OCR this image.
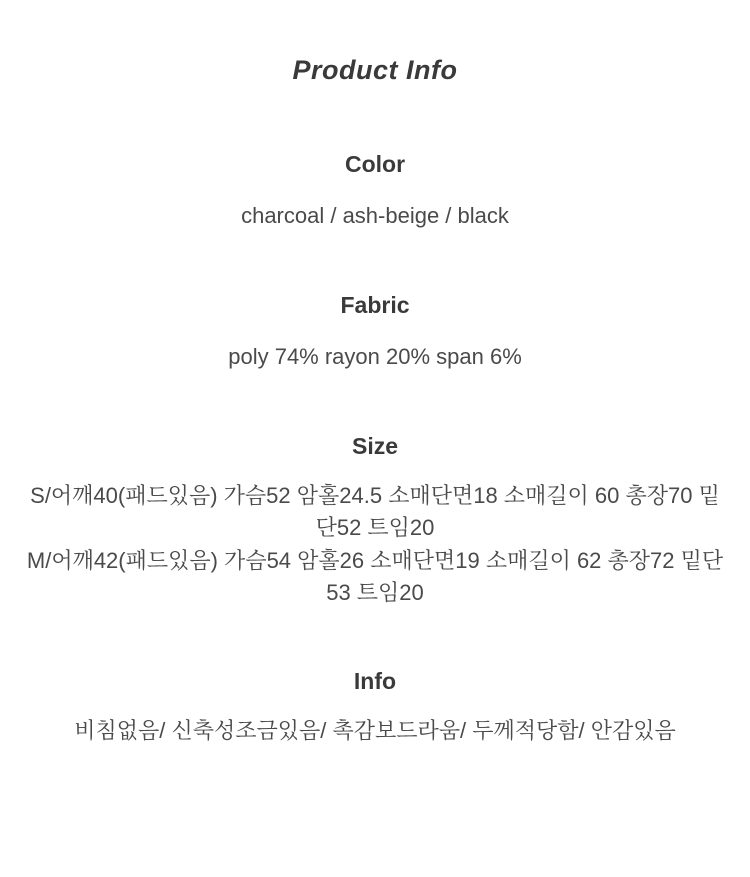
Product Info
Color
charcoal / ash-beige / black
Fabric
poly 74% rayon 20% span 6%
Size
S/어깨40(패드있음) 가슴52 암홀24.5 소매단면18 소매길이 60 총장70 밑단52 트임20
M/어깨42(패드있음) 가슴54 암홀26 소매단면19 소매길이 62 총장72 밑단53 트임20
Info
비침없음/ 신축성조금있음/ 촉감보드라움/ 두께적당함/ 안감있음
